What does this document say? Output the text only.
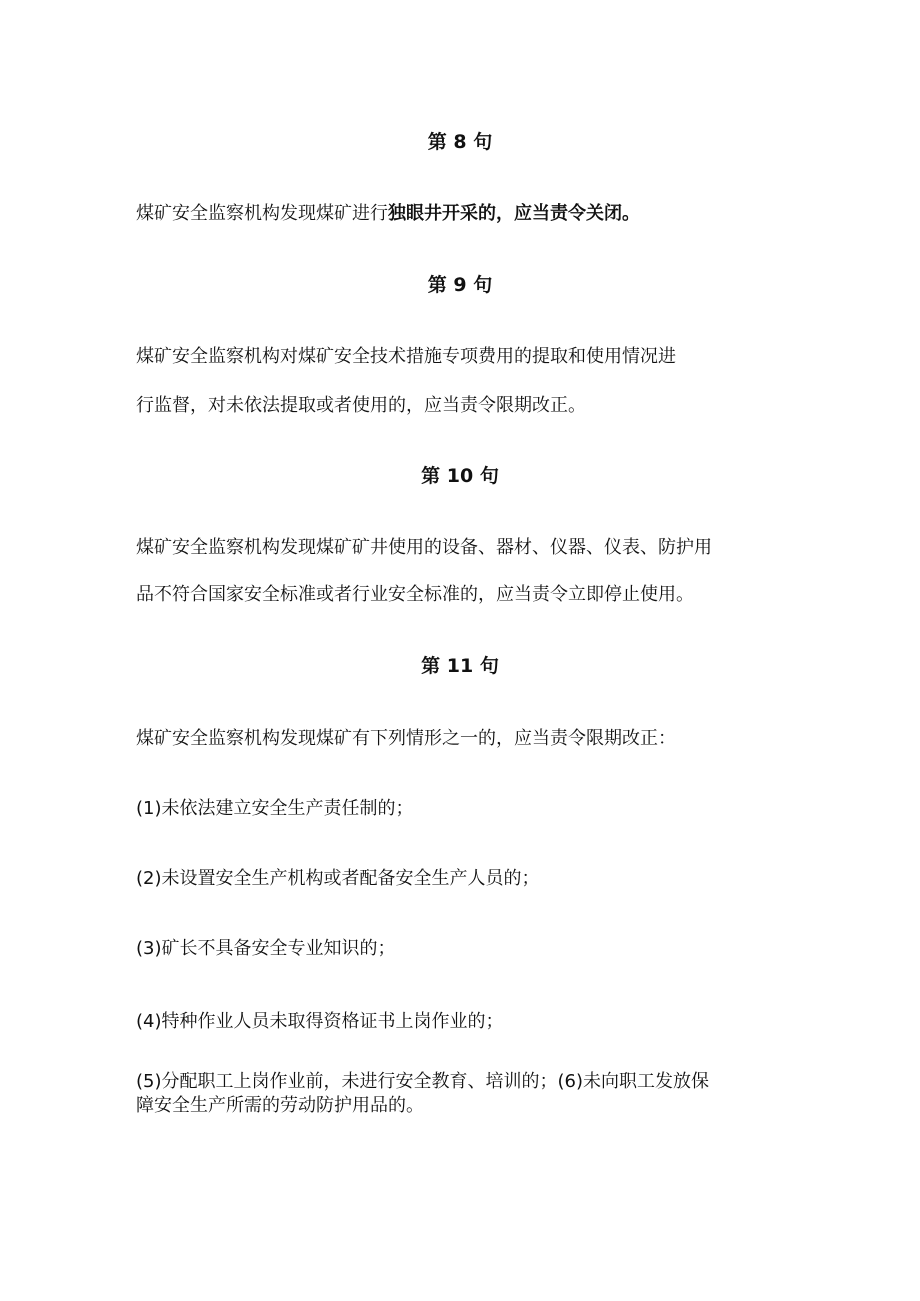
第 8 句

煤矿安全监察机构发现煤矿进行独眼井开采的，应当责令关闭。

第 9 句

煤矿安全监察机构对煤矿安全技术措施专项费用的提取和使用情况进

行监督，对未依法提取或者使用的，应当责令限期改正。

第 10 句

煤矿安全监察机构发现煤矿矿井使用的设备、器材、仪器、仪表、防护用

品不符合国家安全标准或者行业安全标准的，应当责令立即停止使用。

第 11 句

煤矿安全监察机构发现煤矿有下列情形之一的，应当责令限期改正：

(1)未依法建立安全生产责任制的；

(2)未设置安全生产机构或者配备安全生产人员的；

(3)矿长不具备安全专业知识的；

(4)特种作业人员未取得资格证书上岗作业的；

(5)分配职工上岗作业前，未进行安全教育、培训的；(6)未向职工发放保
障安全生产所需的劳动防护用品的。
